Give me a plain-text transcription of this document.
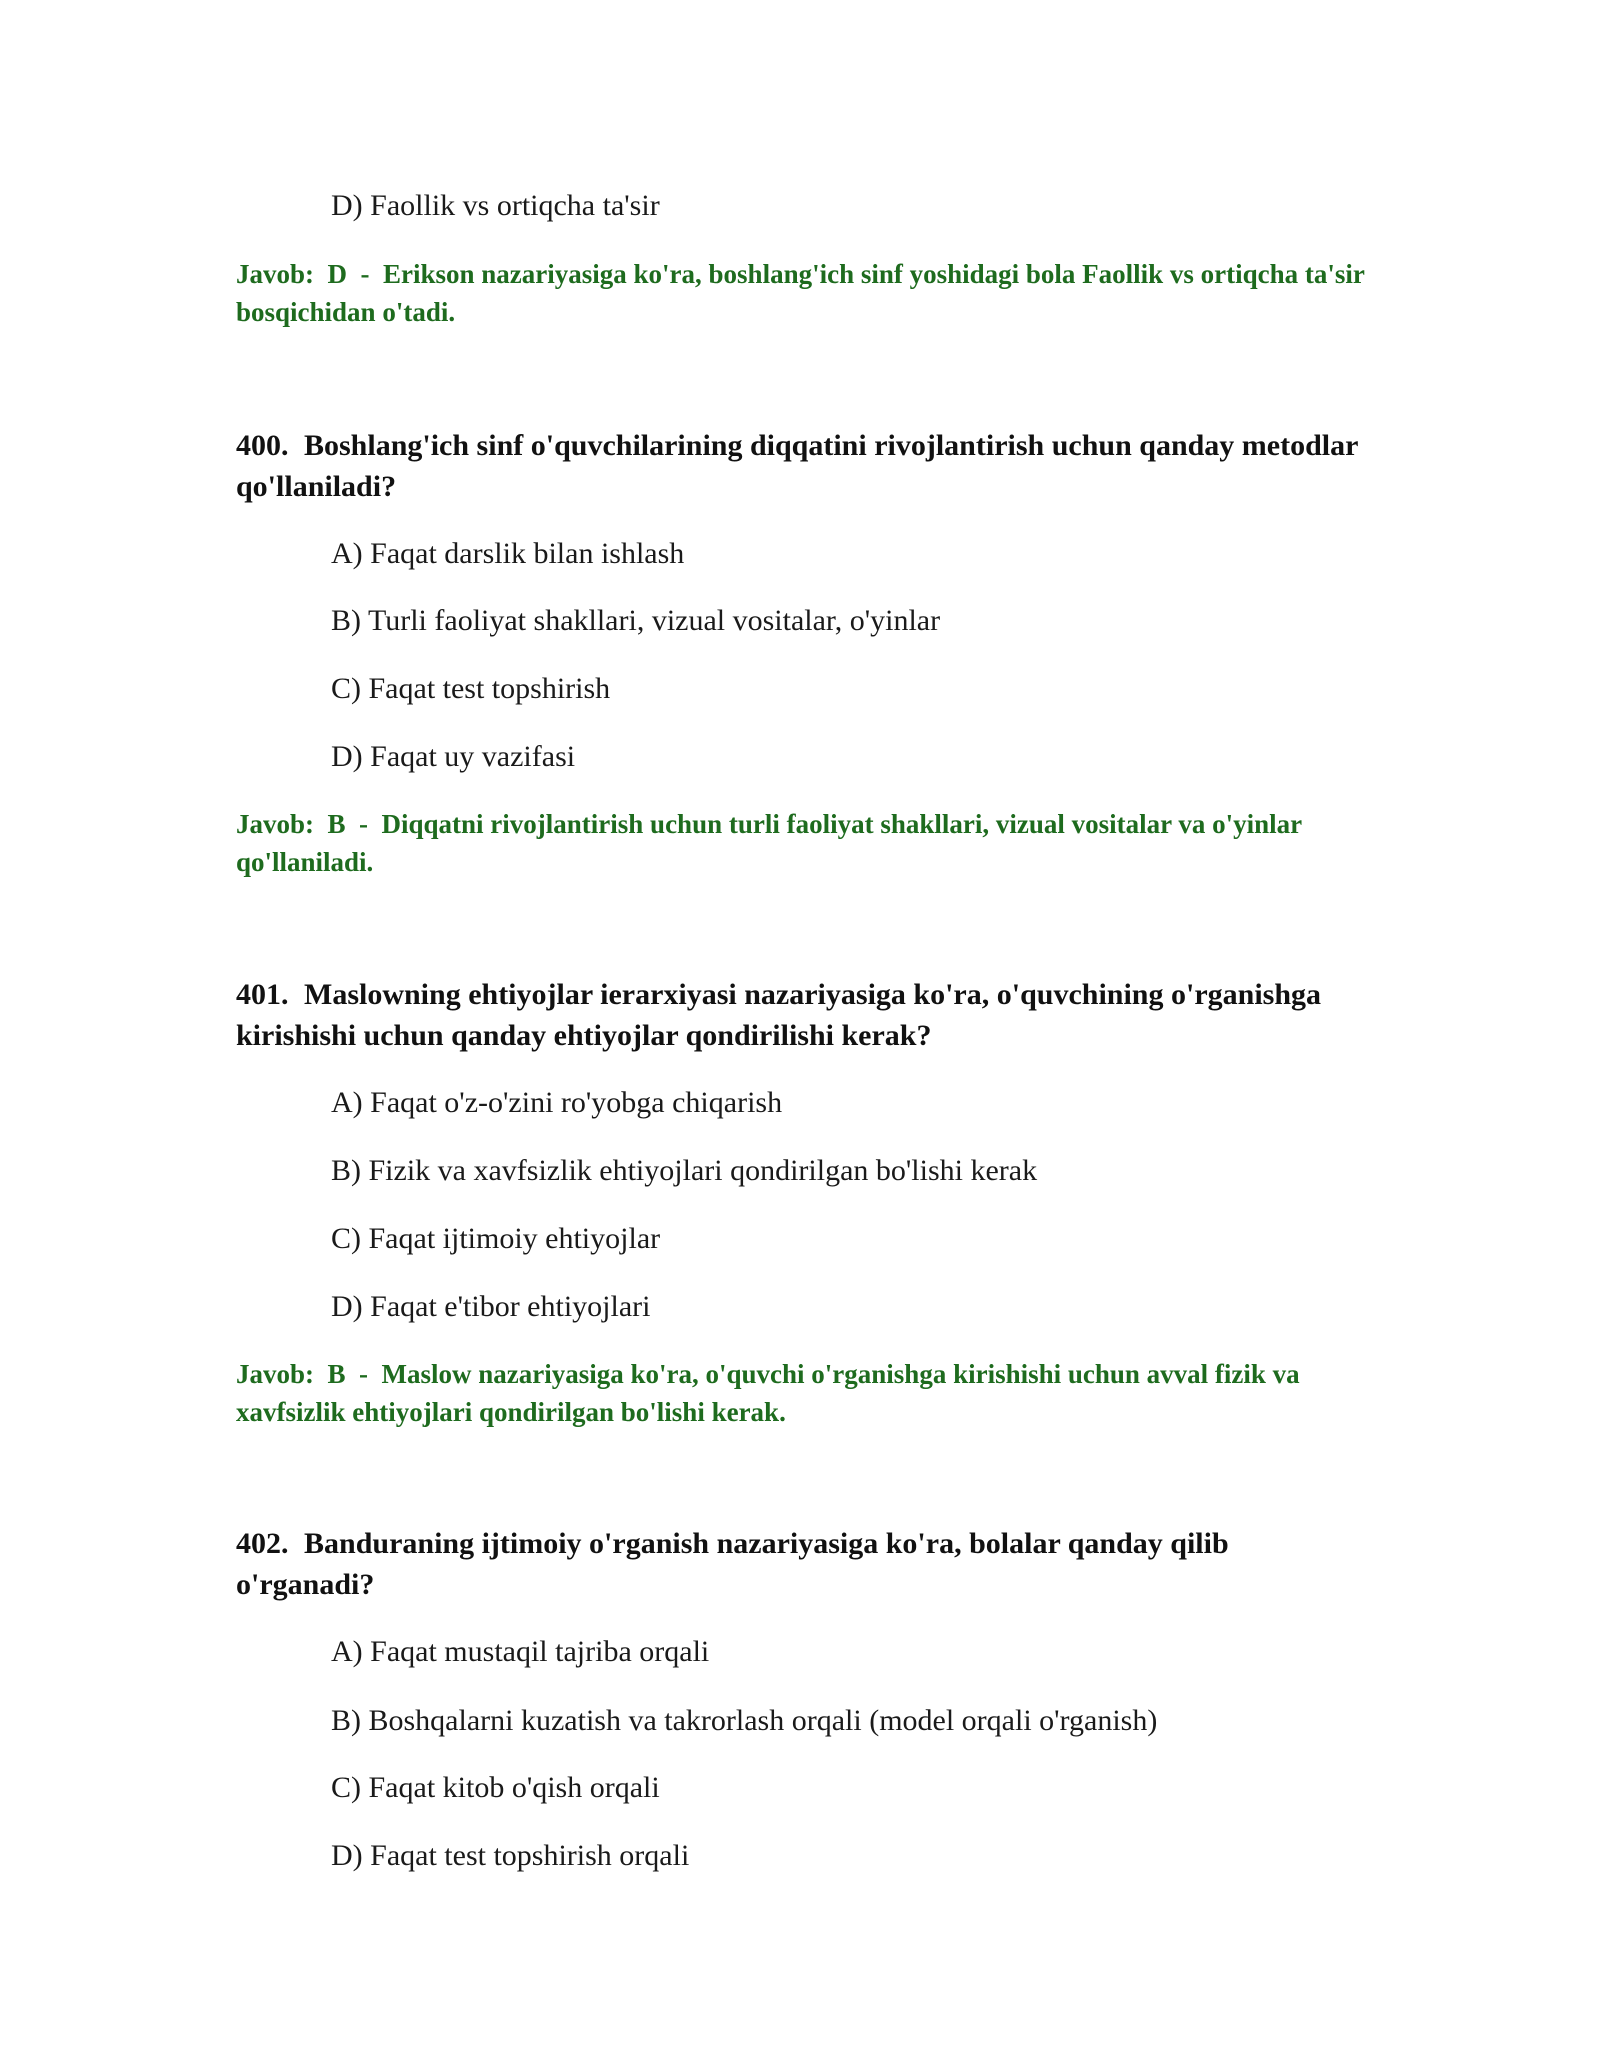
D) Faollik vs ortiqcha ta'sir
Javob:  D  -  Erikson nazariyasiga ko'ra, boshlang'ich sinf yoshidagi bola Faollik vs ortiqcha ta'sir bosqichidan o'tadi.
400. Boshlang'ich sinf o'quvchilarining diqqatini rivojlantirish uchun qanday metodlar qo'llaniladi?
A) Faqat darslik bilan ishlash
B) Turli faoliyat shakllari, vizual vositalar, o'yinlar
C) Faqat test topshirish
D) Faqat uy vazifasi
Javob:  B  -  Diqqatni rivojlantirish uchun turli faoliyat shakllari, vizual vositalar va o'yinlar qo'llaniladi.
401. Maslowning ehtiyojlar ierarxiyasi nazariyasiga ko'ra, o'quvchining o'rganishga kirishishi uchun qanday ehtiyojlar qondirilishi kerak?
A) Faqat o'z-o'zini ro'yobga chiqarish
B) Fizik va xavfsizlik ehtiyojlari qondirilgan bo'lishi kerak
C) Faqat ijtimoiy ehtiyojlar
D) Faqat e'tibor ehtiyojlari
Javob:  B  -  Maslow nazariyasiga ko'ra, o'quvchi o'rganishga kirishishi uchun avval fizik va xavfsizlik ehtiyojlari qondirilgan bo'lishi kerak.
402. Banduraning ijtimoiy o'rganish nazariyasiga ko'ra, bolalar qanday qilib o'rganadi?
A) Faqat mustaqil tajriba orqali
B) Boshqalarni kuzatish va takrorlash orqali (model orqali o'rganish)
C) Faqat kitob o'qish orqali
D) Faqat test topshirish orqali
